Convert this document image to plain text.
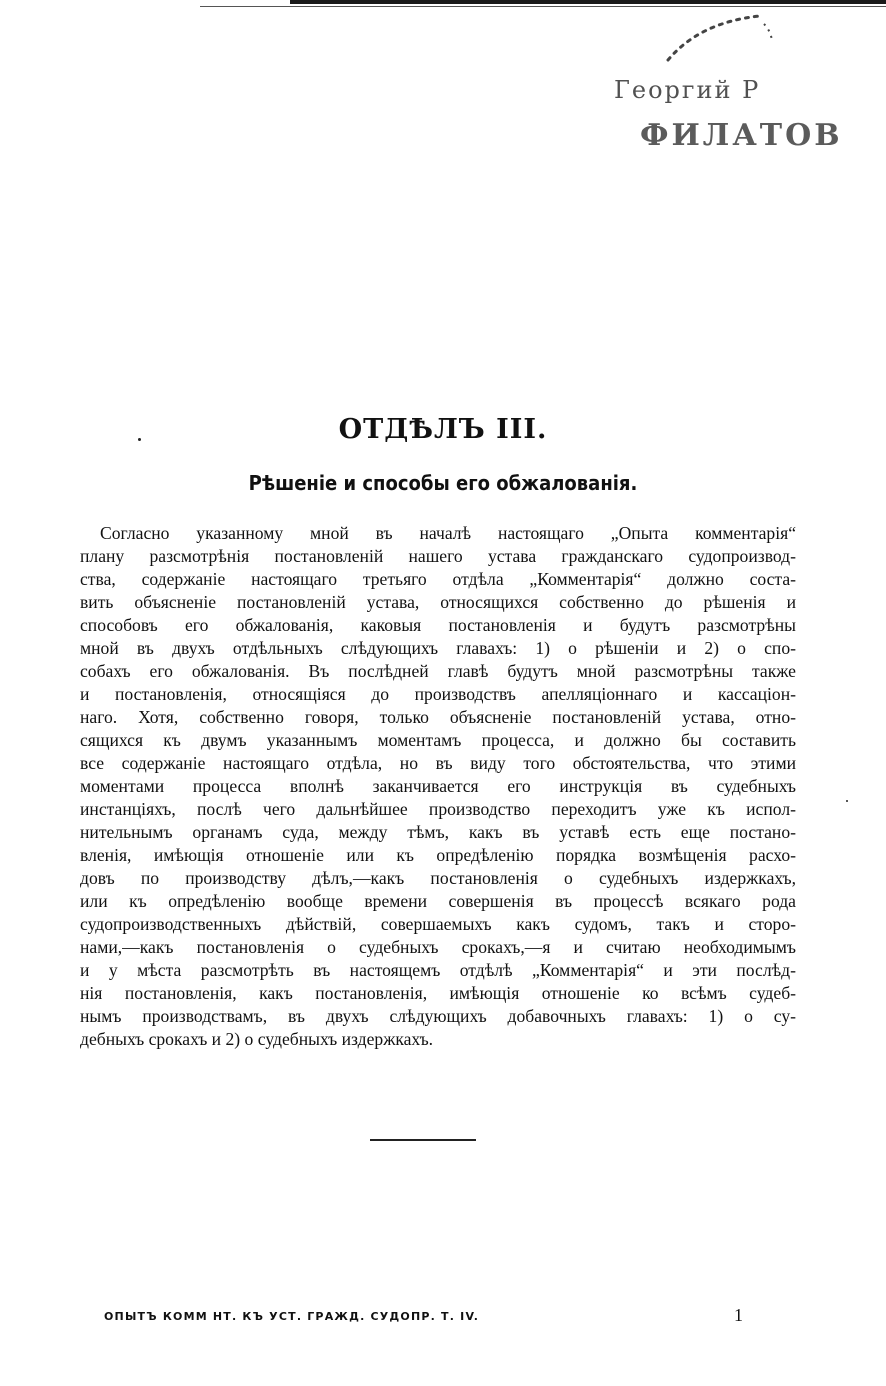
Георгий Р
ФИЛАТОВ
ОТДѢЛЪ III.
Рѣшеніе и способы его обжалованія.
Согласно указанному мной въ началѣ настоящаго „Опыта комментарія“
плану разсмотрѣнія постановленій нашего устава гражданскаго судопроизвод-
ства, содержаніе настоящаго третьяго отдѣла „Комментарія“ должно соста-
вить объясненіе постановленій устава, относящихся собственно до рѣшенія и
способовъ его обжалованія, каковыя постановленія и будутъ разсмотрѣны
мной въ двухъ отдѣльныхъ слѣдующихъ главахъ: 1) о рѣшеніи и 2) о спо-
собахъ его обжалованія. Въ послѣдней главѣ будутъ мной разсмотрѣны также
и постановленія, относящіяся до производствъ апелляціоннаго и кассаціон-
наго. Хотя, собственно говоря, только объясненіе постановленій устава, отно-
сящихся къ двумъ указаннымъ моментамъ процесса, и должно бы составить
все содержаніе настоящаго отдѣла, но въ виду того обстоятельства, что этими
моментами процесса вполнѣ заканчивается его инструкція въ судебныхъ
инстанціяхъ, послѣ чего дальнѣйшее производство переходитъ уже къ испол-
нительнымъ органамъ суда, между тѣмъ, какъ въ уставѣ есть еще постано-
вленія, имѣющія отношеніе или къ опредѣленію порядка возмѣщенія расхо-
довъ по производству дѣлъ,—какъ постановленія о судебныхъ издержкахъ,
или къ опредѣленію вообще времени совершенія въ процессѣ всякаго рода
судопроизводственныхъ дѣйствій, совершаемыхъ какъ судомъ, такъ и сторо-
нами,—какъ постановленія о судебныхъ срокахъ,—я и считаю необходимымъ
и у мѣста разсмотрѣть въ настоящемъ отдѣлѣ „Комментарія“ и эти послѣд-
нія постановленія, какъ постановленія, имѣющія отношеніе ко всѣмъ судеб-
нымъ производствамъ, въ двухъ слѣдующихъ добавочныхъ главахъ: 1) о су-
дебныхъ срокахъ и 2) о судебныхъ издержкахъ.
ОПЫТЪ КОММ НТ. КЪ УСТ. ГРАЖД. СУДОПР. Т. IV.	1
